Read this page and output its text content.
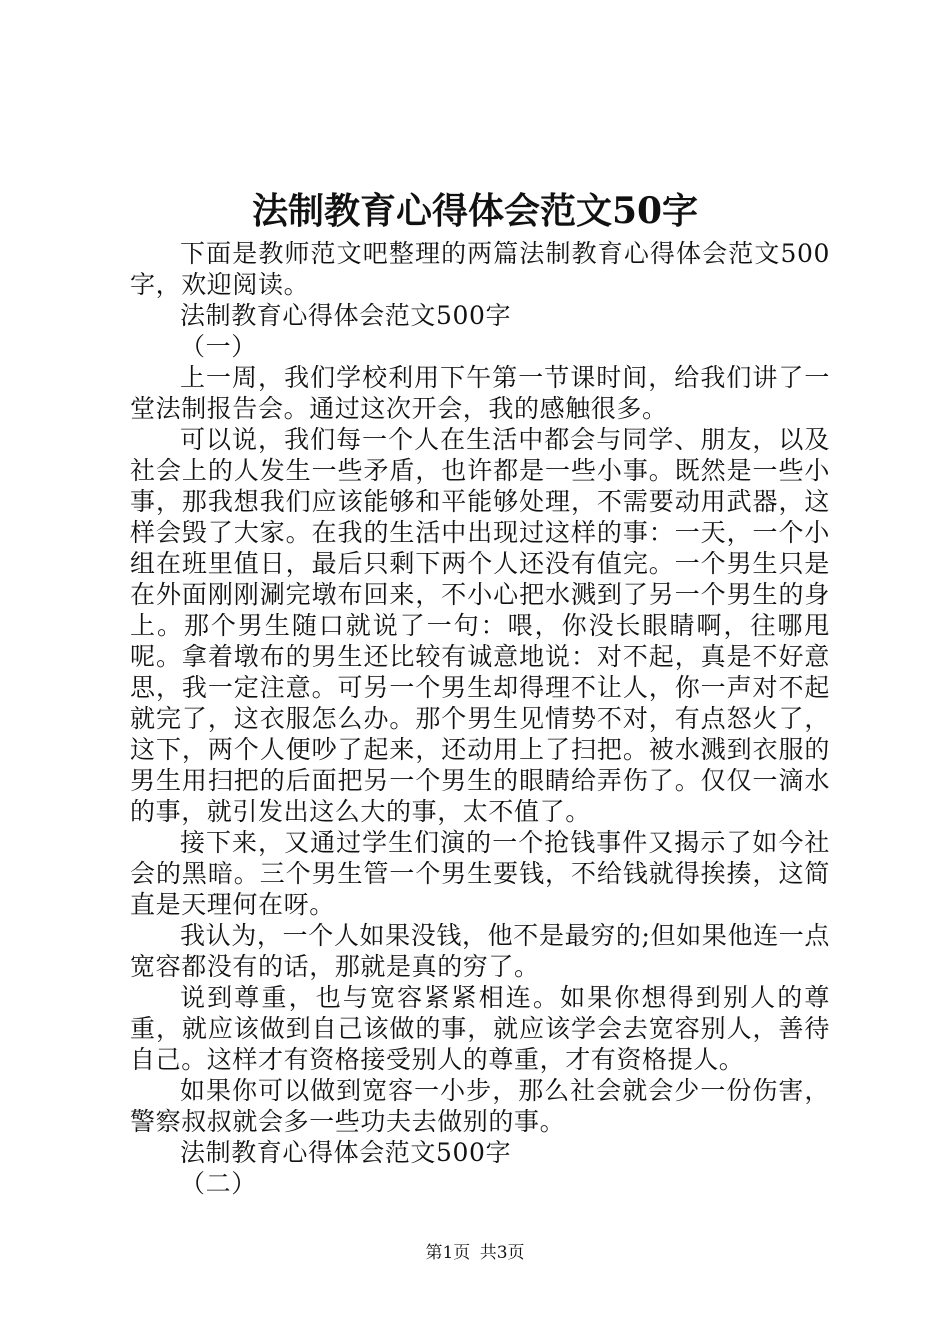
法制教育心得体会范文50字

下面是教师范文吧整理的两篇法制教育心得体会范文500字，欢迎阅读。

法制教育心得体会范文500字

（一）

上一周，我们学校利用下午第一节课时间，给我们讲了一堂法制报告会。通过这次开会，我的感触很多。

可以说，我们每一个人在生活中都会与同学、朋友，以及社会上的人发生一些矛盾，也许都是一些小事。既然是一些小事，那我想我们应该能够和平能够处理，不需要动用武器，这样会毁了大家。在我的生活中出现过这样的事：一天，一个小组在班里值日，最后只剩下两个人还没有值完。一个男生只是在外面刚刚涮完墩布回来，不小心把水溅到了另一个男生的身上。那个男生随口就说了一句：喂，你没长眼睛啊，往哪甩呢。拿着墩布的男生还比较有诚意地说：对不起，真是不好意思，我一定注意。可另一个男生却得理不让人，你一声对不起就完了，这衣服怎么办。那个男生见情势不对，有点怒火了，这下，两个人便吵了起来，还动用上了扫把。被水溅到衣服的男生用扫把的后面把另一个男生的眼睛给弄伤了。仅仅一滴水的事，就引发出这么大的事，太不值了。

接下来，又通过学生们演的一个抢钱事件又揭示了如今社会的黑暗。三个男生管一个男生要钱，不给钱就得挨揍，这简直是天理何在呀。

我认为，一个人如果没钱，他不是最穷的;但如果他连一点宽容都没有的话，那就是真的穷了。

说到尊重，也与宽容紧紧相连。如果你想得到别人的尊重，就应该做到自己该做的事，就应该学会去宽容别人，善待自己。这样才有资格接受别人的尊重，才有资格提人。

如果你可以做到宽容一小步，那么社会就会少一份伤害，警察叔叔就会多一些功夫去做别的事。

法制教育心得体会范文500字

（二）

第1页 共3页
